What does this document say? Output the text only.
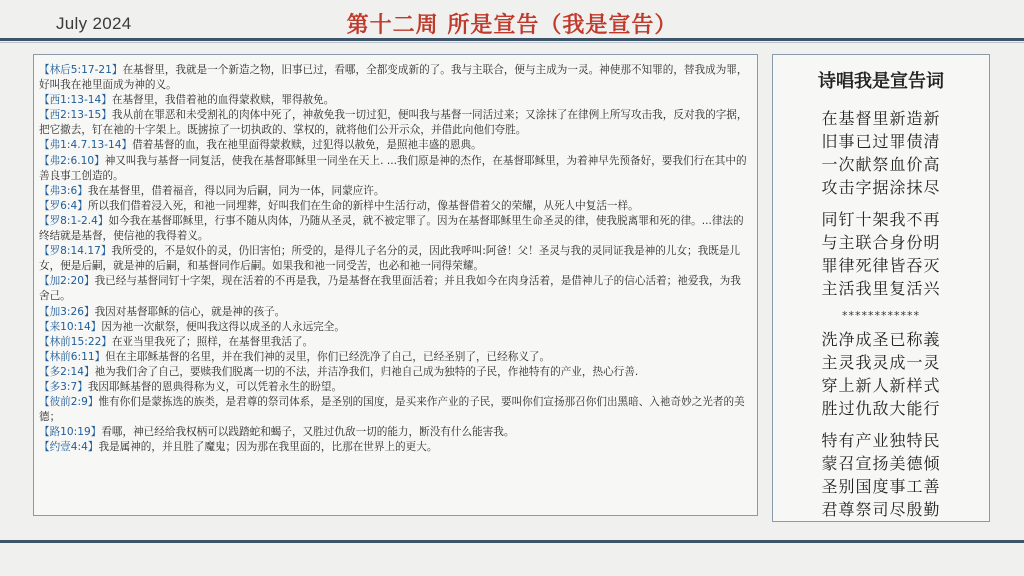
July 2024	第十二周 所是宣告（我是宣告）

【林后5:17-21】在基督里，我就是一个新造之物，旧事已过，看哪，全都变成新的了。我与主联合，便与主成为一灵。神使那不知罪的，替我成为罪，好叫我在祂里面成为神的义。

【西1:13-14】在基督里，我借着祂的血得蒙救赎，罪得赦免。

【西2:13-15】我从前在罪恶和未受割礼的肉体中死了，神赦免我一切过犯，便叫我与基督一同活过来；又涂抹了在律例上所写攻击我，反对我的字据，把它撤去，钉在祂的十字架上。既掳掠了一切执政的、掌权的，就将他们公开示众，并借此向他们夸胜。

【弗1:4.7.13-14】借着基督的血，我在祂里面得蒙救赎，过犯得以赦免，是照祂丰盛的恩典。

【弗2:6.10】神又叫我与基督一同复活，使我在基督耶稣里一同坐在天上. ...我们原是神的杰作，在基督耶稣里，为着神早先预备好，要我们行在其中的善良事工创造的。

【弗3:6】我在基督里，借着福音，得以同为后嗣，同为一体，同蒙应许。

【罗6:4】所以我们借着浸入死，和祂一同埋葬，好叫我们在生命的新样中生活行动，像基督借着父的荣耀，从死人中复活一样。

【罗8:1-2.4】如今我在基督耶稣里，行事不随从肉体，乃随从圣灵，就不被定罪了。因为在基督耶稣里生命圣灵的律，使我脱离罪和死的律。...律法的终结就是基督，使信祂的我得着义。

【罗8:14.17】我所受的，不是奴仆的灵，仍旧害怕；所受的，是得儿子名分的灵，因此我呼叫:阿爸！父！圣灵与我的灵同证我是神的儿女；我既是儿女，便是后嗣，就是神的后嗣，和基督同作后嗣。如果我和祂一同受苦，也必和祂一同得荣耀。

【加2:20】我已经与基督同钉十字架，现在活着的不再是我，乃是基督在我里面活着；并且我如今在肉身活着，是借神儿子的信心活着；祂爱我，为我舍己。

【加3:26】我因对基督耶稣的信心，就是神的孩子。

【来10:14】因为祂一次献祭，便叫我这得以成圣的人永远完全。

【林前15:22】在亚当里我死了；照样，在基督里我活了。

【林前6:11】但在主耶稣基督的名里，并在我们神的灵里，你们已经洗净了自己，已经圣别了，已经称义了。

【多2:14】祂为我们舍了自己，要赎我们脱离一切的不法，并洁净我们，归祂自己成为独特的子民，作祂特有的产业，热心行善.

【多3:7】我因耶稣基督的恩典得称为义，可以凭着永生的盼望。

【彼前2:9】惟有你们是蒙拣选的族类，是君尊的祭司体系，是圣别的国度，是买来作产业的子民，要叫你们宣扬那召你们出黑暗、入祂奇妙之光者的美德；

【路10:19】看哪，神已经给我权柄可以践踏蛇和蝎子，又胜过仇敌一切的能力，断没有什么能害我。

【约壹4:4】我是属神的，并且胜了魔鬼；因为那在我里面的，比那在世界上的更大。

诗唱我是宣告词
在基督里新造新
旧事已过罪债清
一次献祭血价高
攻击字据涂抹尽
同钉十架我不再
与主联合身份明
罪律死律皆吞灭
主活我里复活兴
************
洗净成圣已称義
主灵我灵成一灵
穿上新人新样式
胜过仇敌大能行
特有产业独特民
蒙召宣扬美德倾
圣别国度事工善
君尊祭司尽殷勤
